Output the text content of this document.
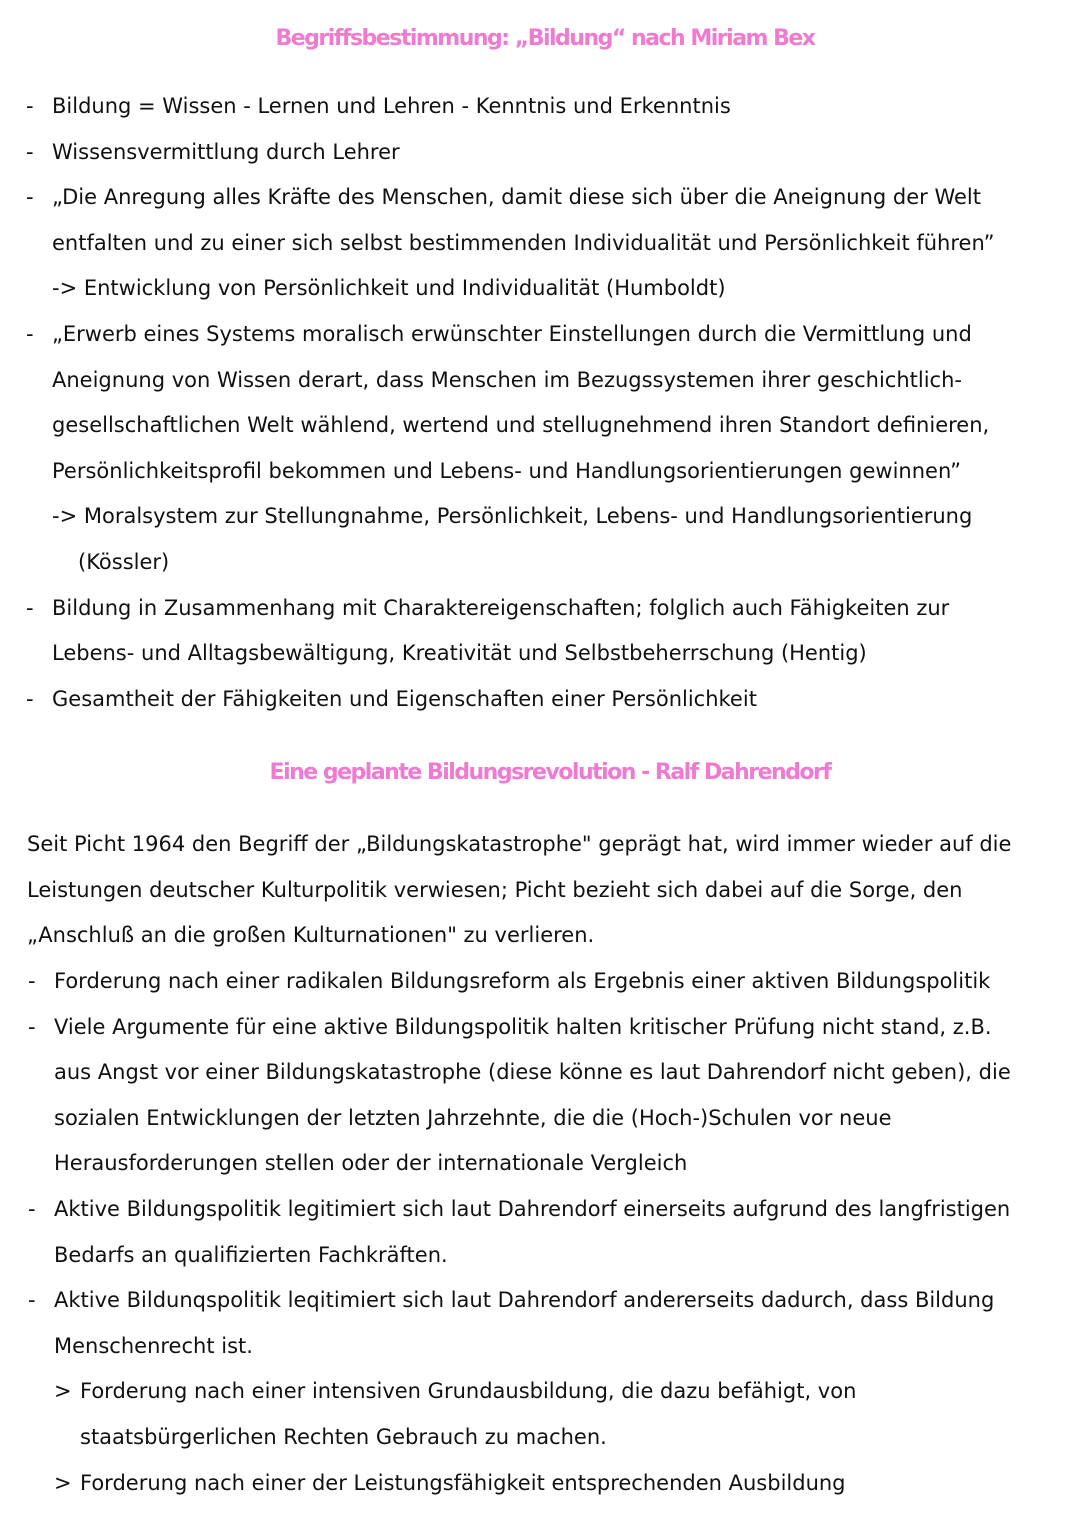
Begriffsbestimmung: „Bildung“ nach Miriam Bex
- Bildung = Wissen - Lernen und Lehren - Kenntnis und Erkenntnis
- Wissensvermittlung durch Lehrer
- „Die Anregung alles Kräfte des Menschen, damit diese sich über die Aneignung der Welt
entfalten und zu einer sich selbst bestimmenden Individualität und Persönlichkeit führen”
-> Entwicklung von Persönlichkeit und Individualität (Humboldt)
- „Erwerb eines Systems moralisch erwünschter Einstellungen durch die Vermittlung und
Aneignung von Wissen derart, dass Menschen im Bezugssystemen ihrer geschichtlich-
gesellschaftlichen Welt wählend, wertend und stellugnehmend ihren Standort definieren,
Persönlichkeitsprofil bekommen und Lebens- und Handlungsorientierungen gewinnen”
-> Moralsystem zur Stellungnahme, Persönlichkeit, Lebens- und Handlungsorientierung
(Kössler)
- Bildung in Zusammenhang mit Charaktereigenschaften; folglich auch Fähigkeiten zur
Lebens- und Alltagsbewältigung, Kreativität und Selbstbeherrschung (Hentig)
- Gesamtheit der Fähigkeiten und Eigenschaften einer Persönlichkeit
Eine geplante Bildungsrevolution - Ralf Dahrendorf
Seit Picht 1964 den Begriff der „Bildungskatastrophe" geprägt hat, wird immer wieder auf die
Leistungen deutscher Kulturpolitik verwiesen; Picht bezieht sich dabei auf die Sorge, den
„Anschluß an die großen Kulturnationen" zu verlieren.
- Forderung nach einer radikalen Bildungsreform als Ergebnis einer aktiven Bildungspolitik
- Viele Argumente für eine aktive Bildungspolitik halten kritischer Prüfung nicht stand, z.B.
aus Angst vor einer Bildungskatastrophe (diese könne es laut Dahrendorf nicht geben), die
sozialen Entwicklungen der letzten Jahrzehnte, die die (Hoch-)Schulen vor neue
Herausforderungen stellen oder der internationale Vergleich
- Aktive Bildungspolitik legitimiert sich laut Dahrendorf einerseits aufgrund des langfristigen
Bedarfs an qualifizierten Fachkräften.
- Aktive Bildunqspolitik leqitimiert sich laut Dahrendorf andererseits dadurch, dass Bildung
Menschenrecht ist.
> Forderung nach einer intensiven Grundausbildung, die dazu befähigt, von
staatsbürgerlichen Rechten Gebrauch zu machen.
> Forderung nach einer der Leistungsfähigkeit entsprechenden Ausbildung
